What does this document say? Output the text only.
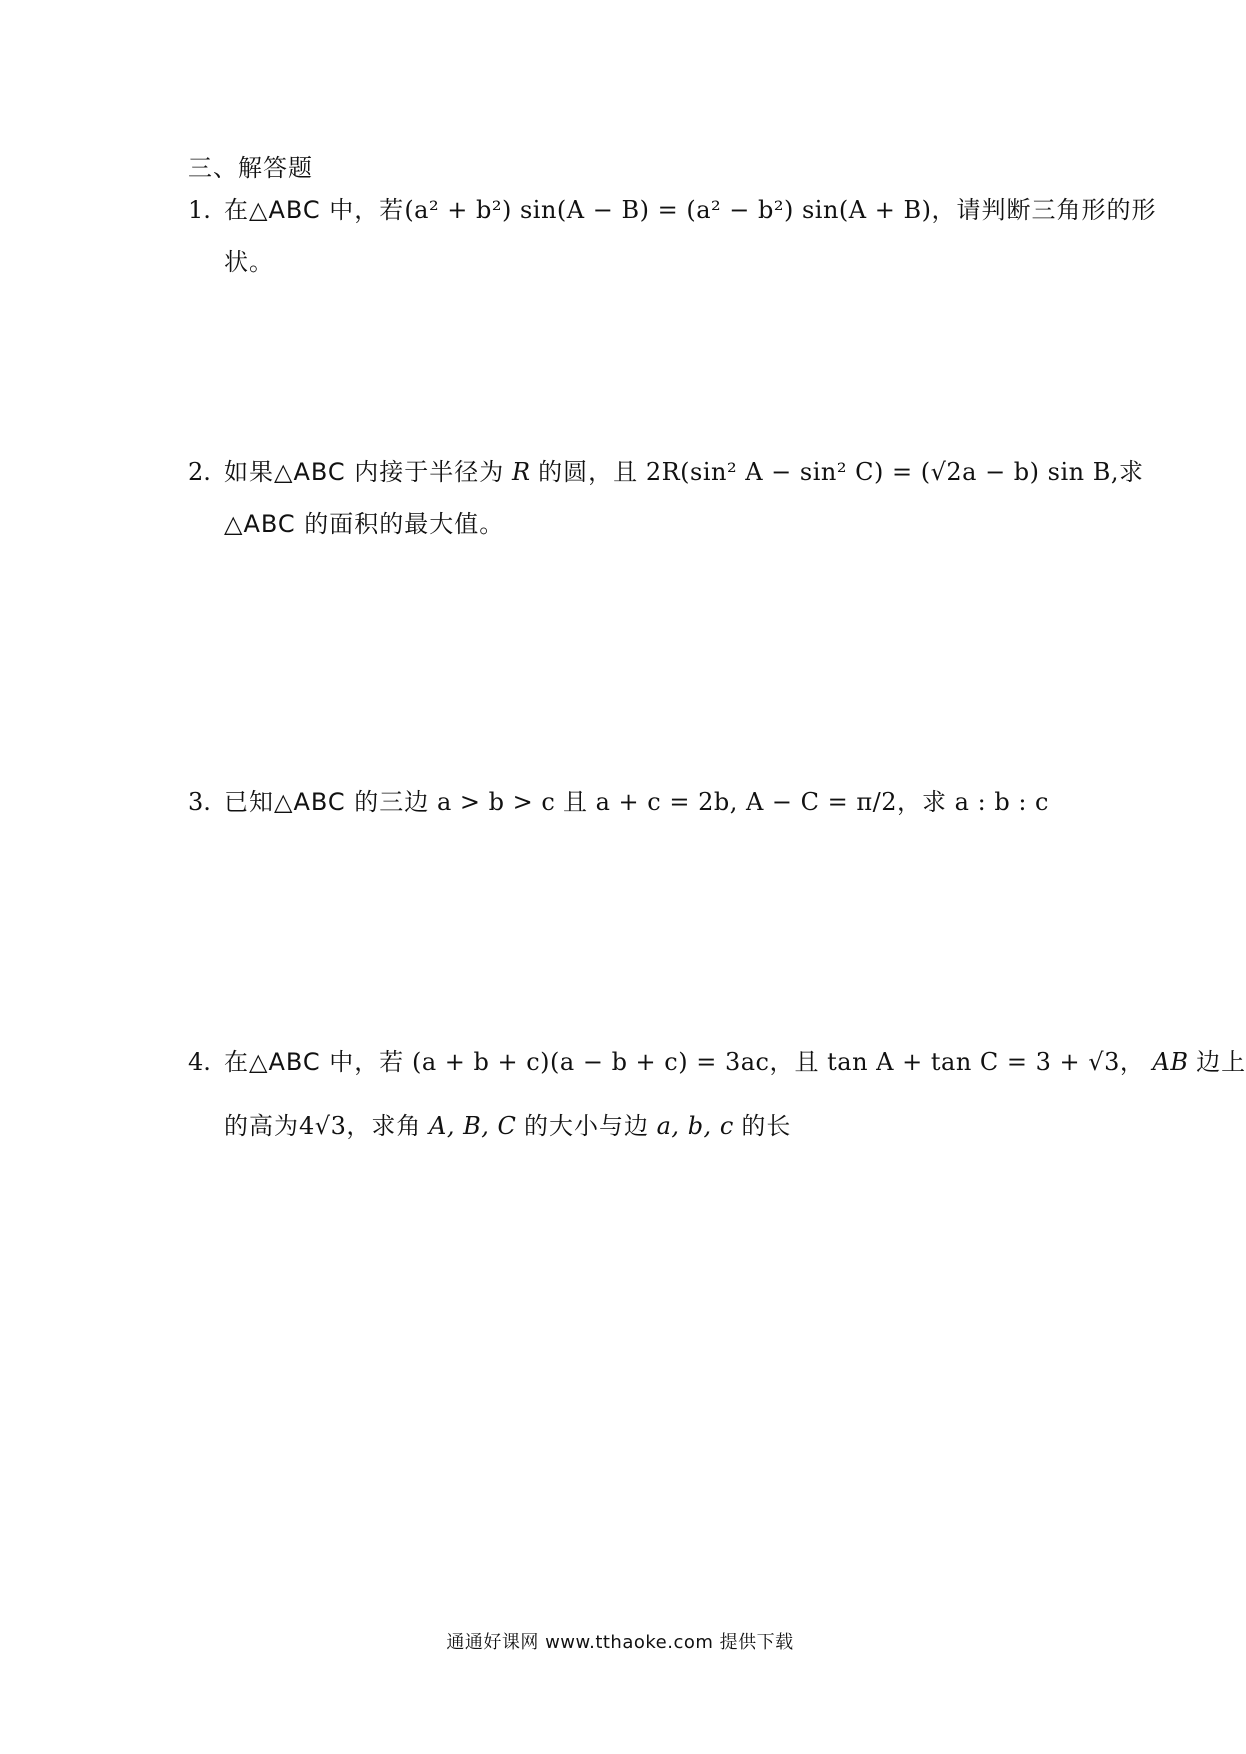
三、解答题
1. 在△ABC 中，若(a² + b²) sin(A − B) = (a² − b²) sin(A + B)，请判断三角形的形
状。
2. 如果△ABC 内接于半径为 R 的圆，且 2R(sin² A − sin² C) = (√2a − b) sin B,求
△ABC 的面积的最大值。
3. 已知△ABC 的三边 a > b > c 且 a + c = 2b, A − C = π/2，求 a : b : c
4. 在△ABC 中，若 (a + b + c)(a − b + c) = 3ac，且 tan A + tan C = 3 + √3， AB 边上
的高为4√3，求角 A, B, C 的大小与边 a, b, c 的长
通通好课网 www.tthaoke.com 提供下载
